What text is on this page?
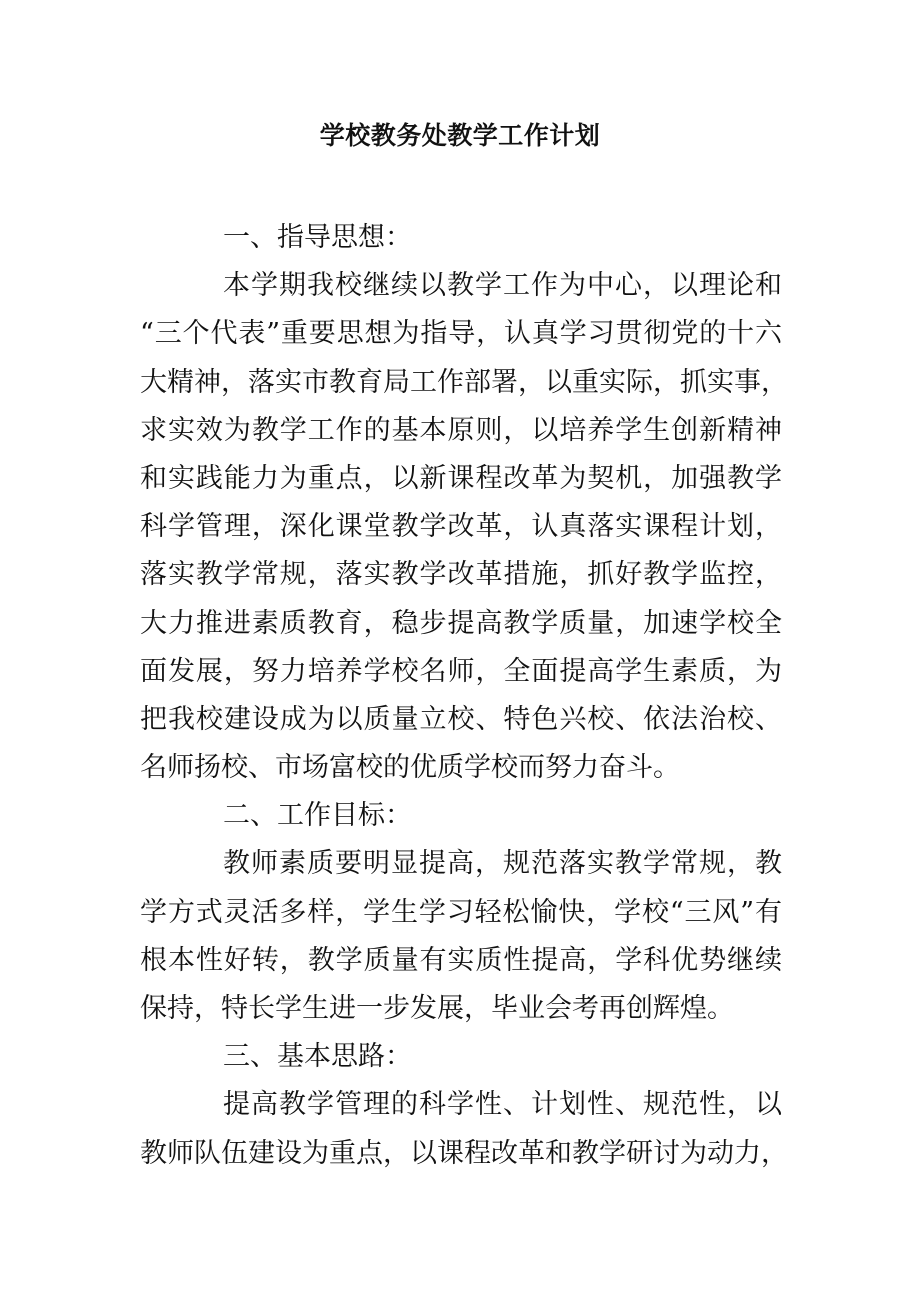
学校教务处教学工作计划
一、指导思想：
本学期我校继续以教学工作为中心，以理论和
“三个代表”重要思想为指导，认真学习贯彻党的十六
大精神，落实市教育局工作部署，以重实际，抓实事，
求实效为教学工作的基本原则，以培养学生创新精神
和实践能力为重点，以新课程改革为契机，加强教学
科学管理，深化课堂教学改革，认真落实课程计划，
落实教学常规，落实教学改革措施，抓好教学监控，
大力推进素质教育，稳步提高教学质量，加速学校全
面发展，努力培养学校名师，全面提高学生素质，为
把我校建设成为以质量立校、特色兴校、依法治校、
名师扬校、市场富校的优质学校而努力奋斗。
二、工作目标：
教师素质要明显提高，规范落实教学常规，教
学方式灵活多样，学生学习轻松愉快，学校“三风”有
根本性好转，教学质量有实质性提高，学科优势继续
保持，特长学生进一步发展，毕业会考再创辉煌。
三、基本思路：
提高教学管理的科学性、计划性、规范性，以
教师队伍建设为重点，以课程改革和教学研讨为动力，
